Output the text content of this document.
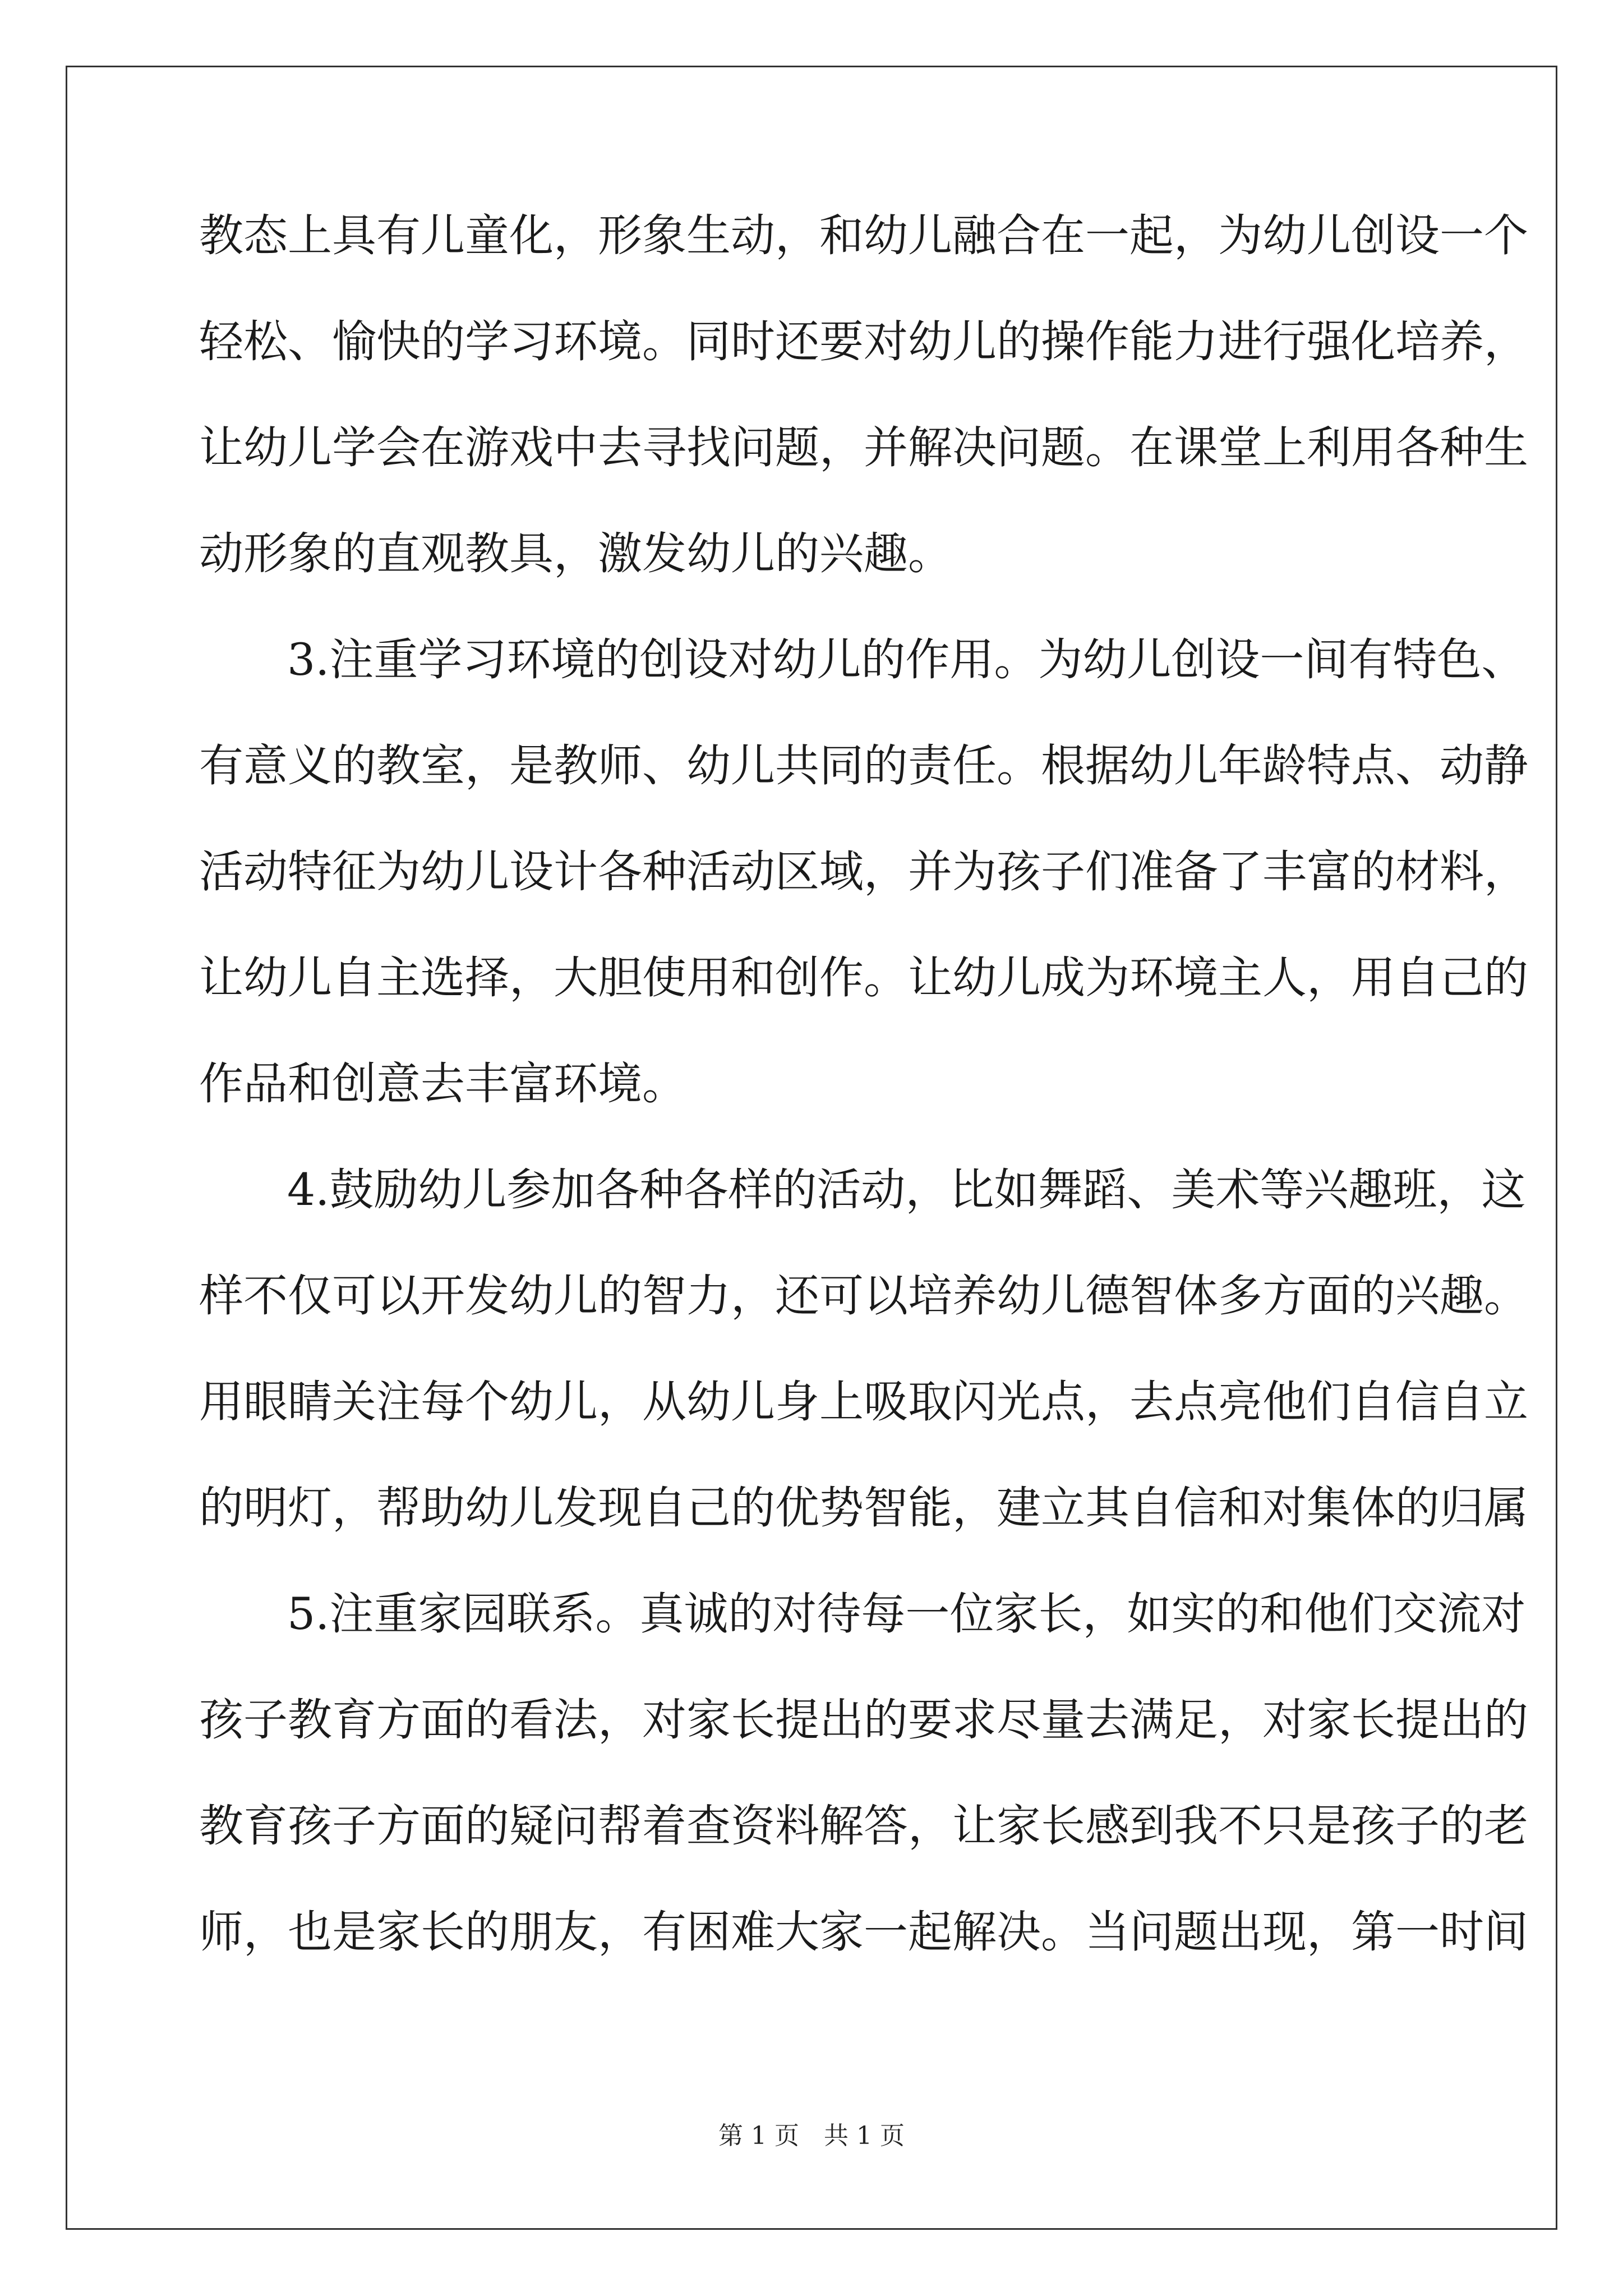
教态上具有儿童化，形象生动，和幼儿融合在一起，为幼儿创设一个
轻松、愉快的学习环境。同时还要对幼儿的操作能力进行强化培养，
让幼儿学会在游戏中去寻找问题，并解决问题。在课堂上利用各种生
动形象的直观教具，激发幼儿的兴趣。
3.注重学习环境的创设对幼儿的作用。为幼儿创设一间有特色、
有意义的教室，是教师、幼儿共同的责任。根据幼儿年龄特点、动静
活动特征为幼儿设计各种活动区域，并为孩子们准备了丰富的材料，
让幼儿自主选择，大胆使用和创作。让幼儿成为环境主人，用自己的
作品和创意去丰富环境。
4.鼓励幼儿参加各种各样的活动，比如舞蹈、美术等兴趣班，这
样不仅可以开发幼儿的智力，还可以培养幼儿德智体多方面的兴趣。
用眼睛关注每个幼儿，从幼儿身上吸取闪光点，去点亮他们自信自立
的明灯，帮助幼儿发现自己的优势智能，建立其自信和对集体的归属
5.注重家园联系。真诚的对待每一位家长，如实的和他们交流对
孩子教育方面的看法，对家长提出的要求尽量去满足，对家长提出的
教育孩子方面的疑问帮着查资料解答，让家长感到我不只是孩子的老
师，也是家长的朋友，有困难大家一起解决。当问题出现，第一时间
第 1 页　共 1 页
